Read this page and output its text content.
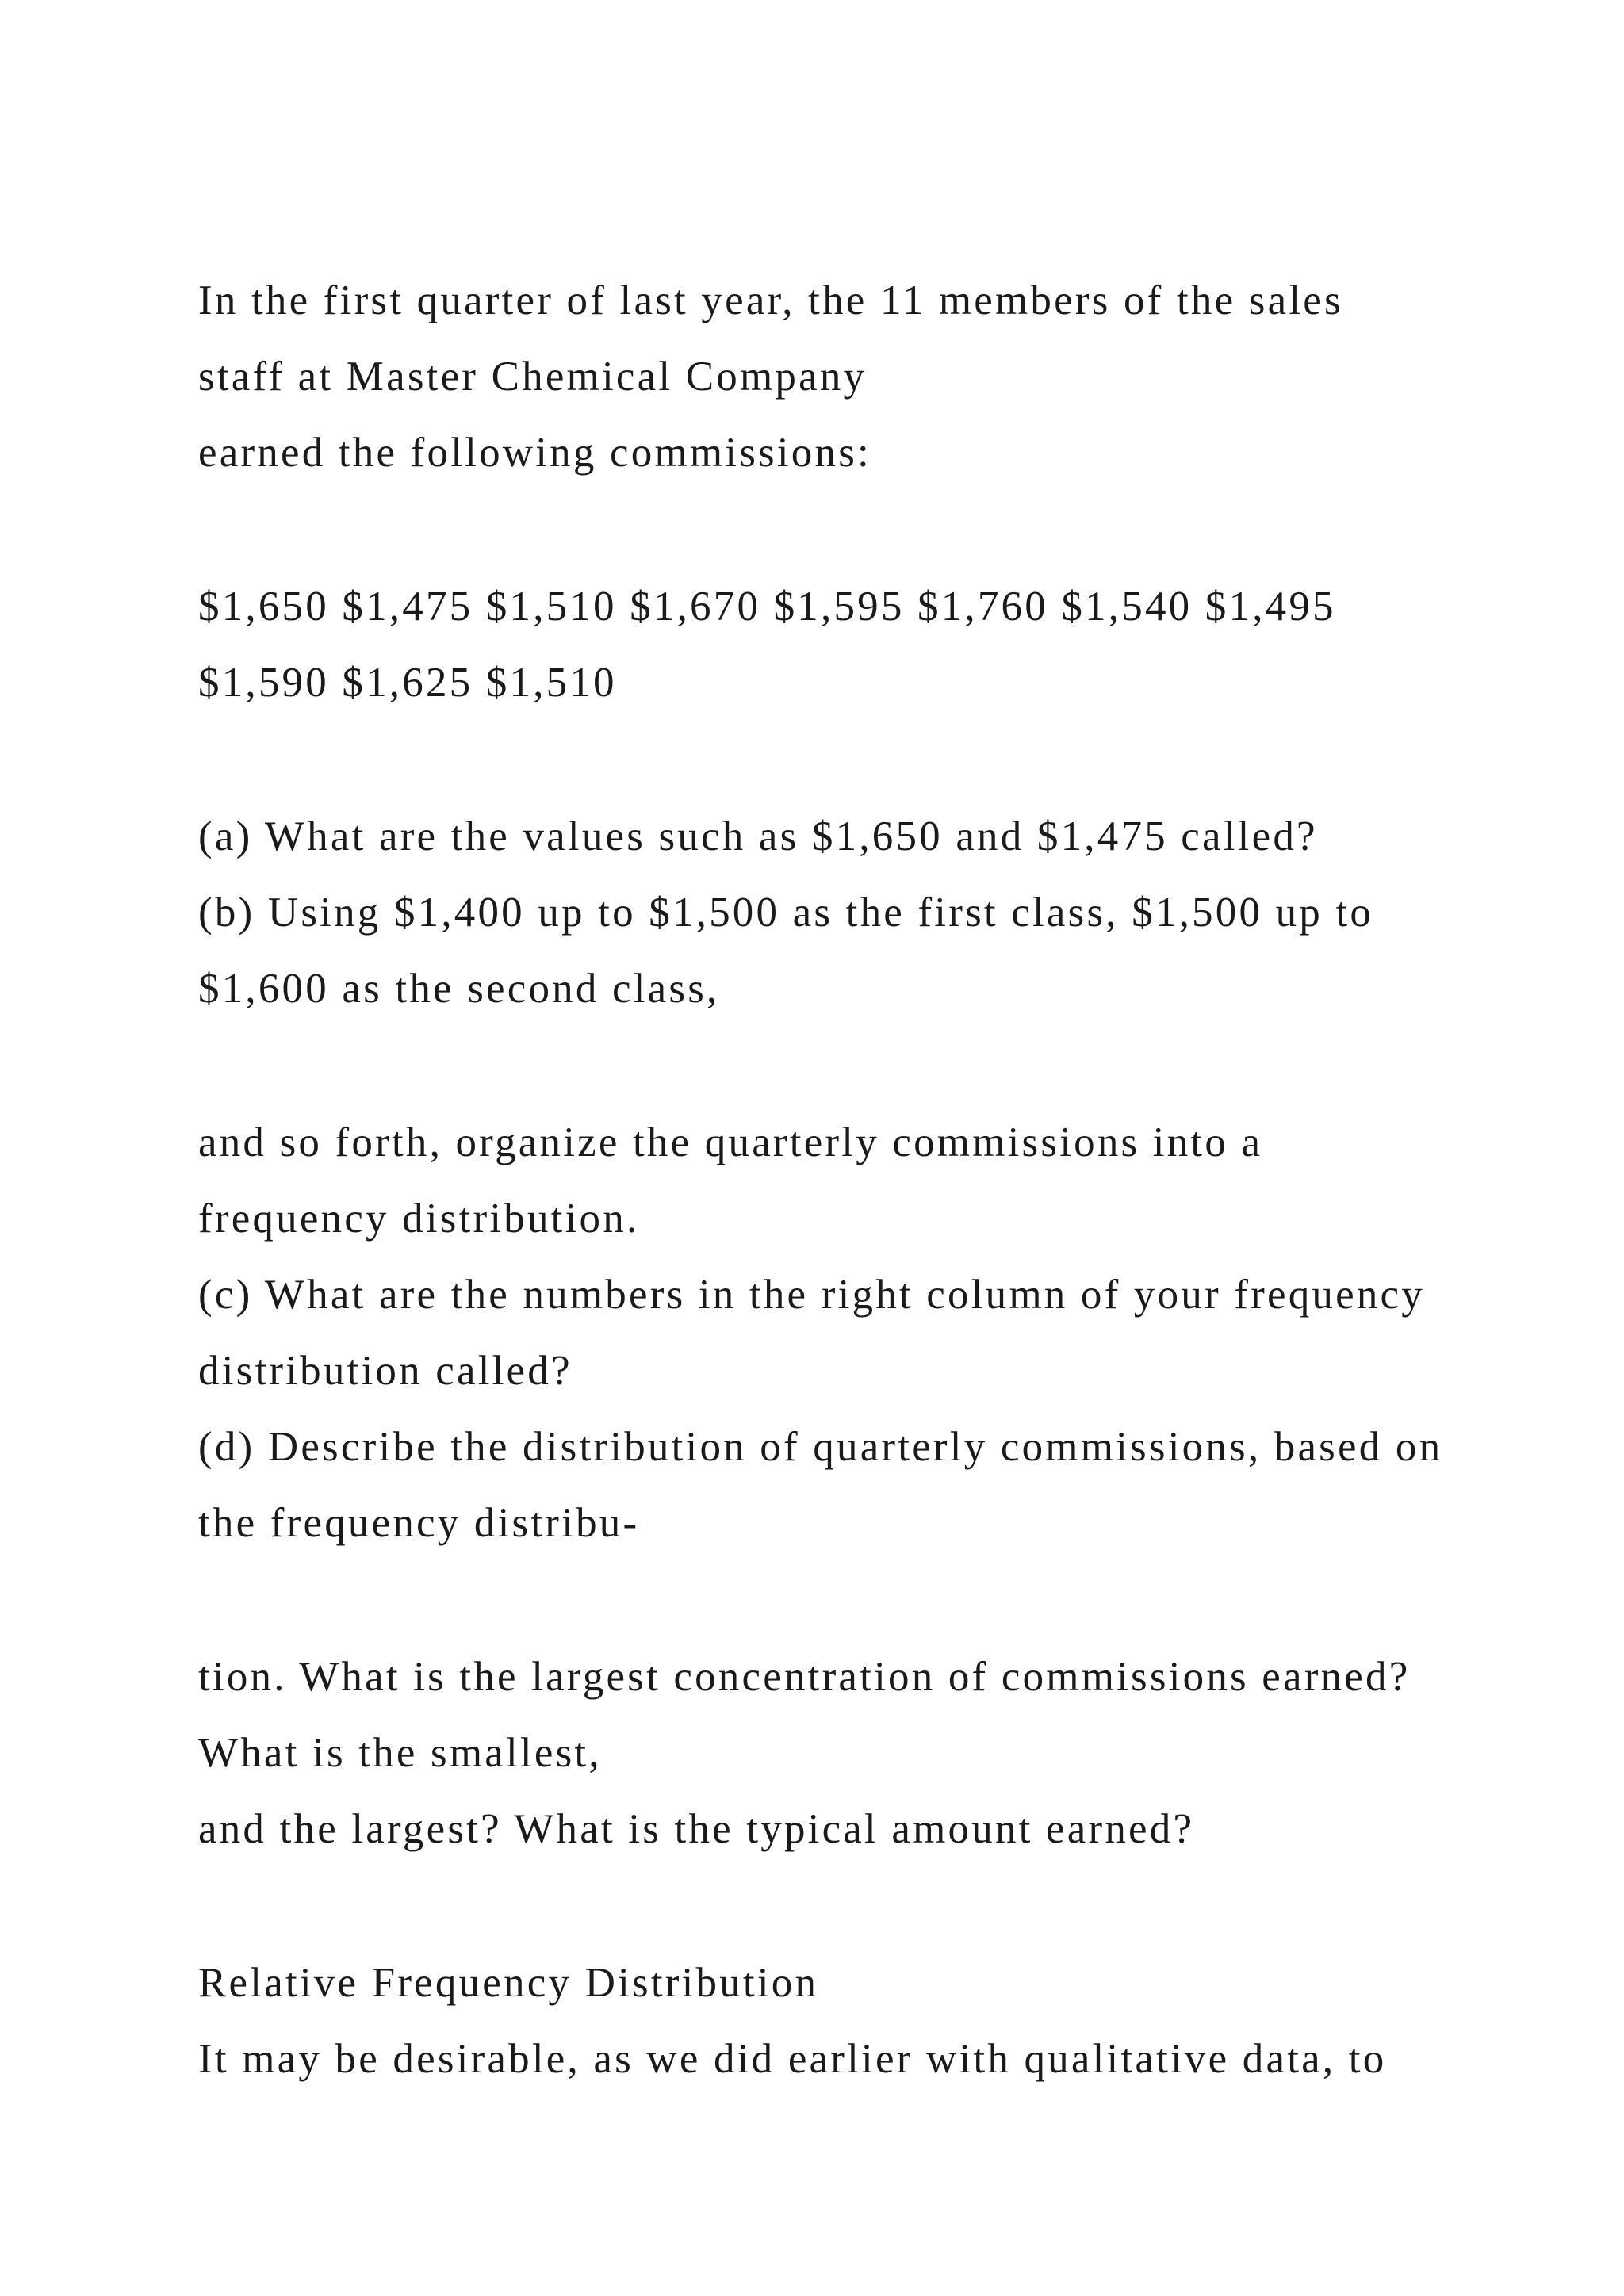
In the first quarter of last year, the 11 members of the sales

staff at Master Chemical Company

earned the following commissions:

$1,650 $1,475 $1,510 $1,670 $1,595 $1,760 $1,540 $1,495

$1,590 $1,625 $1,510

(a) What are the values such as $1,650 and $1,475 called?

(b) Using $1,400 up to $1,500 as the first class, $1,500 up to

$1,600 as the second class,

and so forth, organize the quarterly commissions into a

frequency distribution.

(c) What are the numbers in the right column of your frequency

distribution called?

(d) Describe the distribution of quarterly commissions, based on

the frequency distribu-

tion. What is the largest concentration of commissions earned?

What is the smallest,

and the largest? What is the typical amount earned?

Relative Frequency Distribution

It may be desirable, as we did earlier with qualitative data, to
